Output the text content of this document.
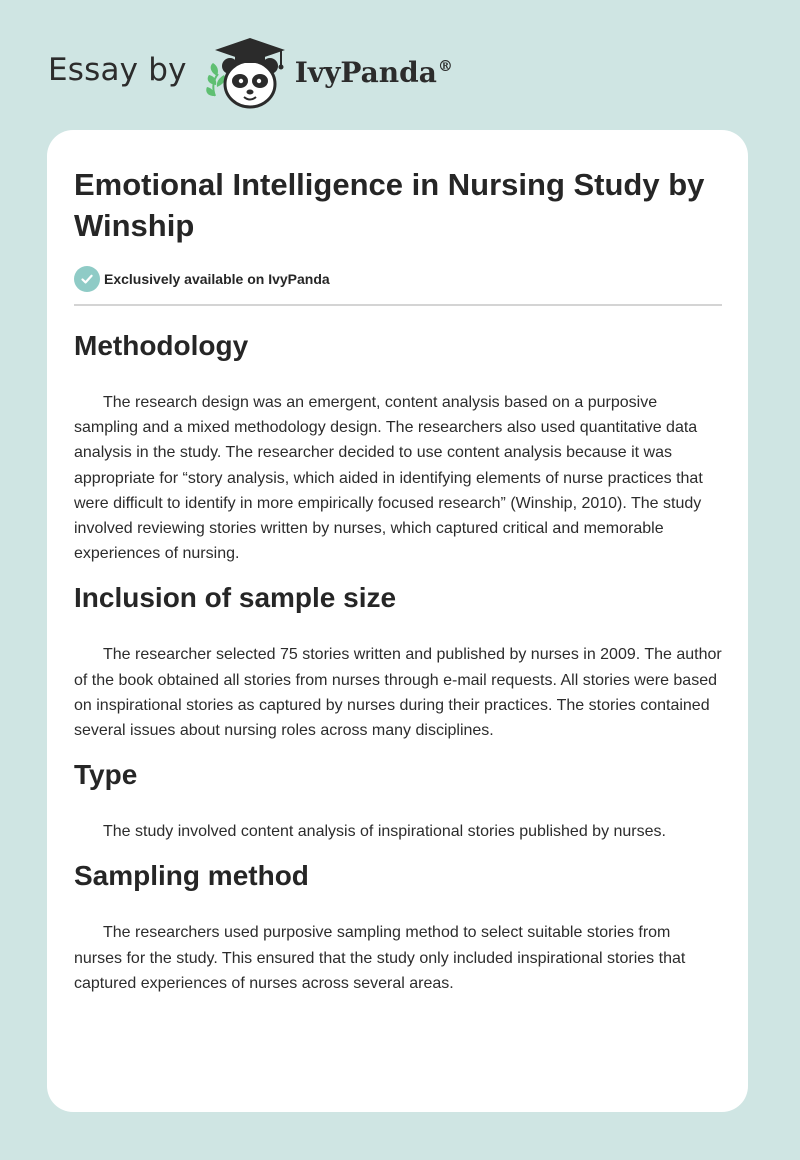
Essay by	IvyPanda®
Emotional Intelligence in Nursing Study by Winship
Exclusively available on IvyPanda
Methodology

The research design was an emergent, content analysis based on a purposive sampling and a mixed methodology design. The researchers also used quantitative data analysis in the study. The researcher decided to use content analysis because it was appropriate for “story analysis, which aided in identifying elements of nurse practices that were difficult to identify in more empirically focused research” (Winship, 2010). The study involved reviewing stories written by nurses, which captured critical and memorable experiences of nursing.

Inclusion of sample size

The researcher selected 75 stories written and published by nurses in 2009. The author of the book obtained all stories from nurses through e-mail requests. All stories were based on inspirational stories as captured by nurses during their practices. The stories contained several issues about nursing roles across many disciplines.

Type

The study involved content analysis of inspirational stories published by nurses.

Sampling method

The researchers used purposive sampling method to select suitable stories from nurses for the study. This ensured that the study only included inspirational stories that captured experiences of nurses across several areas.
